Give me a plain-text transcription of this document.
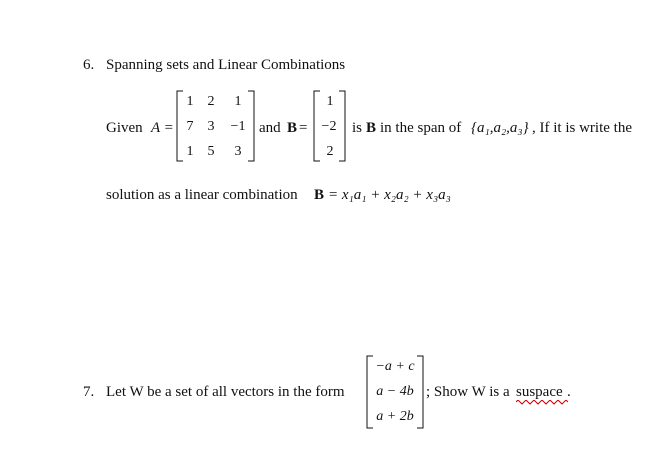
6. Spanning sets and Linear Combinations
Given A =
1	2	1
7	3	−1
1	5	3
and B =
1
−2
2
is B in the span of {a₁,a₂,a₃} , If it is write the
solution as a linear combination B = x₁a₁ + x₂a₂ + x₃a₃
7. Let W be a set of all vectors in the form
−a + c
a − 4b
a + 2b
; Show W is a suspace .
